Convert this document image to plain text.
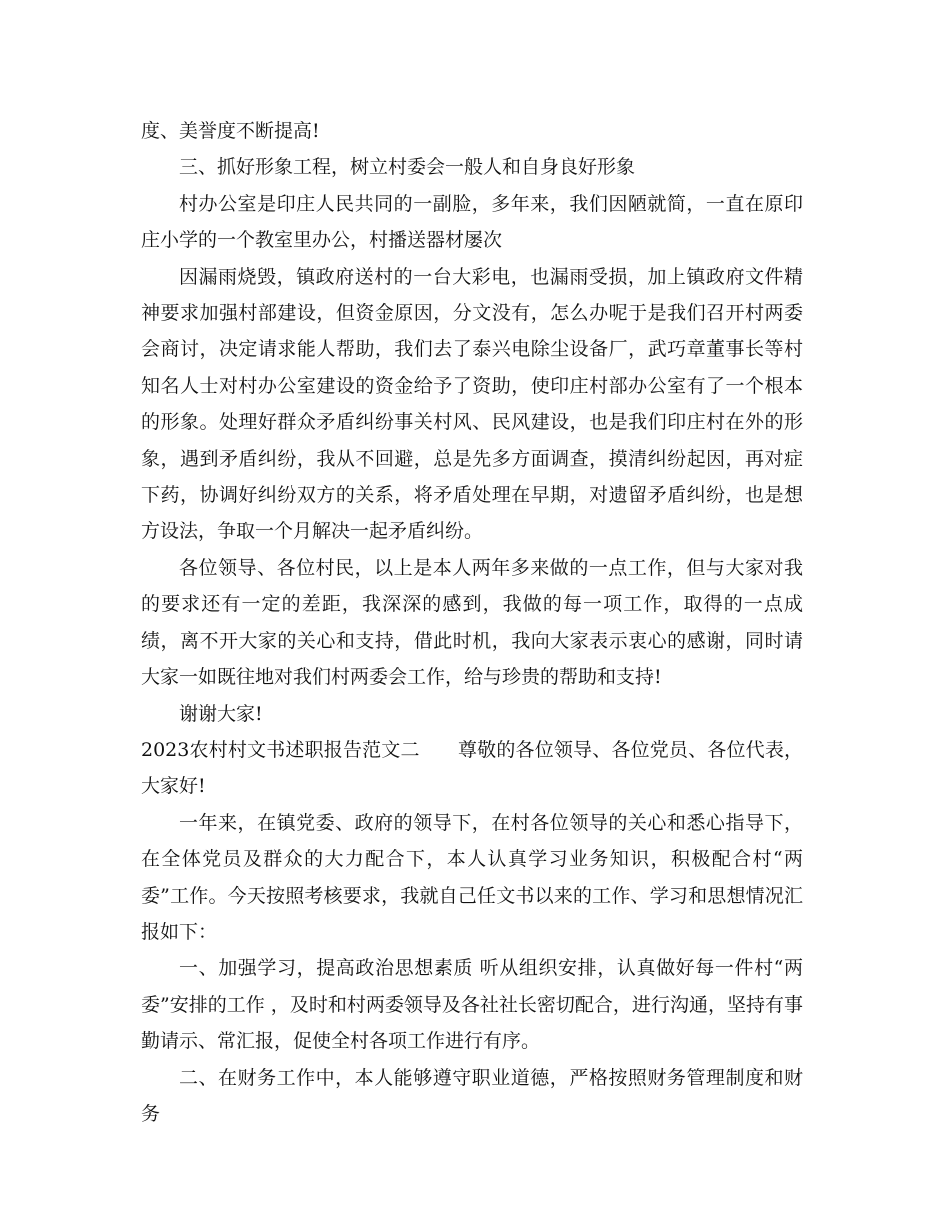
度、美誉度不断提高!

三、抓好形象工程，树立村委会一般人和自身良好形象

村办公室是印庄人民共同的一副脸，多年来，我们因陋就简，一直在原印庄小学的一个教室里办公，村播送器材屡次

因漏雨烧毁，镇政府送村的一台大彩电，也漏雨受损，加上镇政府文件精神要求加强村部建设，但资金原因，分文没有，怎么办呢于是我们召开村两委会商讨，决定请求能人帮助，我们去了泰兴电除尘设备厂，武巧章董事长等村知名人士对村办公室建设的资金给予了资助，使印庄村部办公室有了一个根本的形象。处理好群众矛盾纠纷事关村风、民风建设，也是我们印庄村在外的形象，遇到矛盾纠纷，我从不回避，总是先多方面调查，摸清纠纷起因，再对症下药，协调好纠纷双方的关系，将矛盾处理在早期，对遗留矛盾纠纷，也是想方设法，争取一个月解决一起矛盾纠纷。

各位领导、各位村民，以上是本人两年多来做的一点工作，但与大家对我的要求还有一定的差距，我深深的感到，我做的每一项工作，取得的一点成绩，离不开大家的关心和支持，借此时机，我向大家表示衷心的感谢，同时请大家一如既往地对我们村两委会工作，给与珍贵的帮助和支持!

谢谢大家!

2023农村村文书述职报告范文二　　尊敬的各位领导、各位党员、各位代表，大家好!

一年来，在镇党委、政府的领导下，在村各位领导的关心和悉心指导下，在全体党员及群众的大力配合下，本人认真学习业务知识，积极配合村“两委”工作。今天按照考核要求，我就自己任文书以来的工作、学习和思想情况汇报如下：

一、加强学习，提高政治思想素质 听从组织安排，认真做好每一件村“两委”安排的工作 ，及时和村两委领导及各社社长密切配合，进行沟通，坚持有事勤请示、常汇报，促使全村各项工作进行有序。

二、在财务工作中，本人能够遵守职业道德，严格按照财务管理制度和财务
